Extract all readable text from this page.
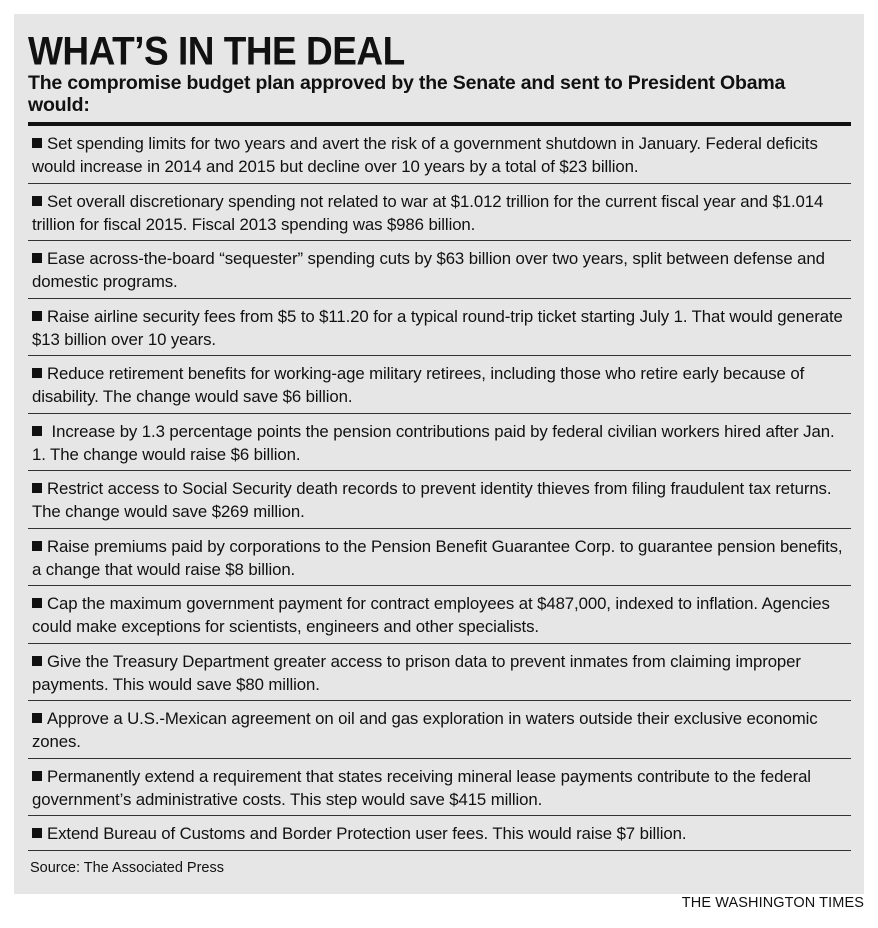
WHAT’S IN THE DEAL

The compromise budget plan approved by the Senate and sent to President Obama would:

Set spending limits for two years and avert the risk of a government shutdown in January. Federal deficits would increase in 2014 and 2015 but decline over 10 years by a total of $23 billion.
Set overall discretionary spending not related to war at $1.012 trillion for the current fiscal year and $1.014 trillion for fiscal 2015. Fiscal 2013 spending was $986 billion.
Ease across-the-board “sequester” spending cuts by $63 billion over two years, split between defense and domestic programs.
Raise airline security fees from $5 to $11.20 for a typical round-trip ticket starting July 1. That would generate $13 billion over 10 years.
Reduce retirement benefits for working-age military retirees, including those who retire early because of disability. The change would save $6 billion.
Increase by 1.3 percentage points the pension contributions paid by federal civilian workers hired after Jan. 1. The change would raise $6 billion.
Restrict access to Social Security death records to prevent identity thieves from filing fraudulent tax returns. The change would save $269 million.
Raise premiums paid by corporations to the Pension Benefit Guarantee Corp. to guarantee pension benefits, a change that would raise $8 billion.
Cap the maximum government payment for contract employees at $487,000, indexed to inflation. Agencies could make exceptions for scientists, engineers and other specialists.
Give the Treasury Department greater access to prison data to prevent inmates from claiming improper payments. This would save $80 million.
Approve a U.S.-Mexican agreement on oil and gas exploration in waters outside their exclusive economic zones.
Permanently extend a requirement that states receiving mineral lease payments contribute to the federal government’s administrative costs. This step would save $415 million.
Extend Bureau of Customs and Border Protection user fees. This would raise $7 billion.
Source: The Associated Press
THE WASHINGTON TIMES
